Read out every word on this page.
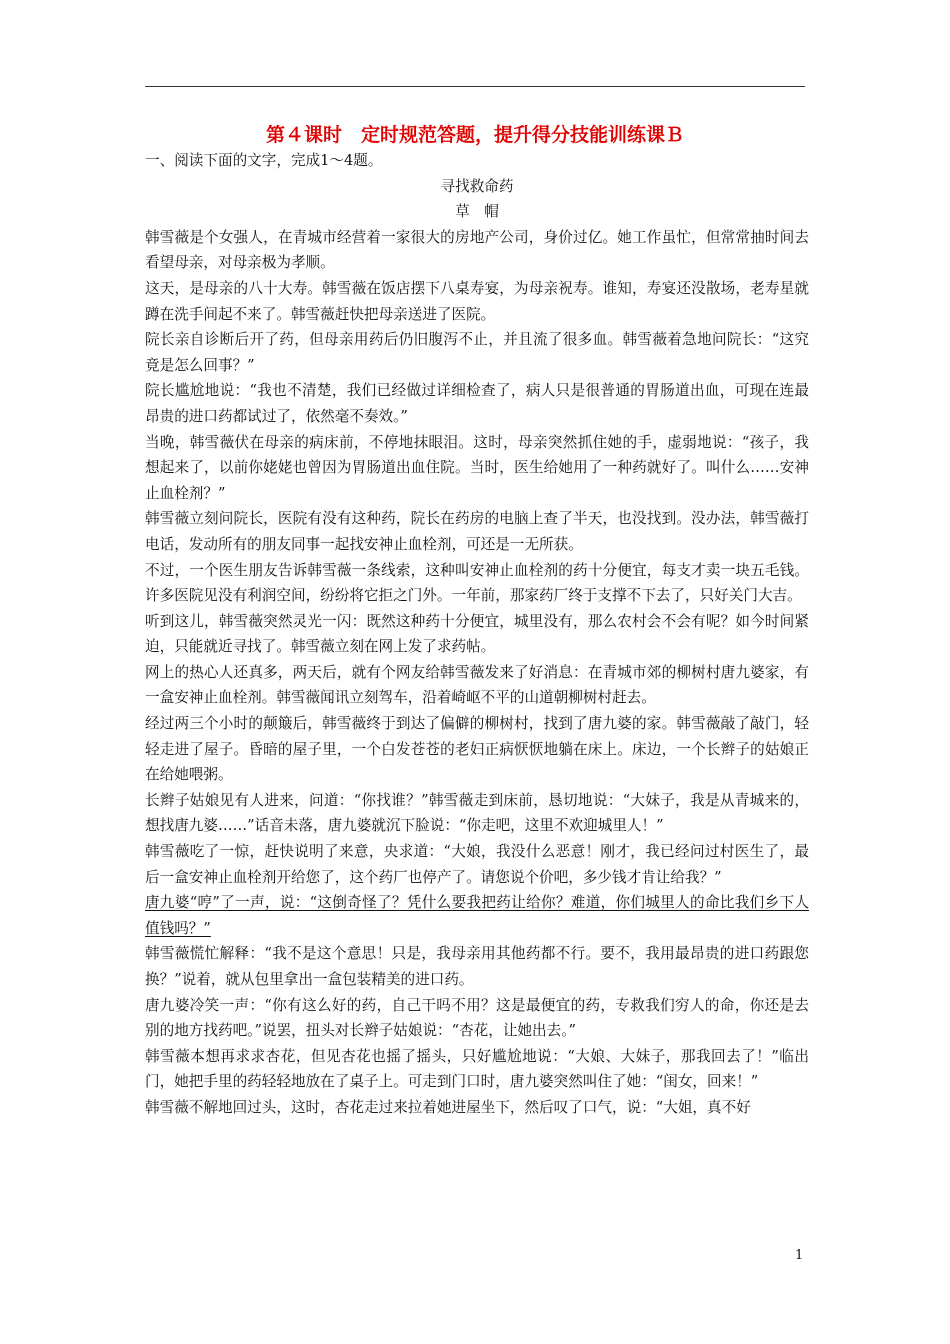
第４课时　定时规范答题，提升得分技能训练课Ｂ

一、阅读下面的文字，完成1～4题。

寻找救命药

草　帽

韩雪薇是个女强人，在青城市经营着一家很大的房地产公司，身价过亿。她工作虽忙，但常常抽时间去看望母亲，对母亲极为孝顺。

这天，是母亲的八十大寿。韩雪薇在饭店摆下八桌寿宴，为母亲祝寿。谁知，寿宴还没散场，老寿星就蹲在洗手间起不来了。韩雪薇赶快把母亲送进了医院。

院长亲自诊断后开了药，但母亲用药后仍旧腹泻不止，并且流了很多血。韩雪薇着急地问院长：“这究竟是怎么回事？”

院长尴尬地说：“我也不清楚，我们已经做过详细检查了，病人只是很普通的胃肠道出血，可现在连最昂贵的进口药都试过了，依然毫不奏效。”

当晚，韩雪薇伏在母亲的病床前，不停地抹眼泪。这时，母亲突然抓住她的手，虚弱地说：“孩子，我想起来了，以前你姥姥也曾因为胃肠道出血住院。当时，医生给她用了一种药就好了。叫什么……安神止血栓剂？”

韩雪薇立刻问院长，医院有没有这种药，院长在药房的电脑上查了半天，也没找到。没办法，韩雪薇打电话，发动所有的朋友同事一起找安神止血栓剂，可还是一无所获。

不过，一个医生朋友告诉韩雪薇一条线索，这种叫安神止血栓剂的药十分便宜，每支才卖一块五毛钱。许多医院见没有利润空间，纷纷将它拒之门外。一年前，那家药厂终于支撑不下去了，只好关门大吉。

听到这儿，韩雪薇突然灵光一闪：既然这种药十分便宜，城里没有，那么农村会不会有呢？如今时间紧迫，只能就近寻找了。韩雪薇立刻在网上发了求药帖。

网上的热心人还真多，两天后，就有个网友给韩雪薇发来了好消息：在青城市郊的柳树村唐九婆家，有一盒安神止血栓剂。韩雪薇闻讯立刻驾车，沿着崎岖不平的山道朝柳树村赶去。

经过两三个小时的颠簸后，韩雪薇终于到达了偏僻的柳树村，找到了唐九婆的家。韩雪薇敲了敲门，轻轻走进了屋子。昏暗的屋子里，一个白发苍苍的老妇正病恹恹地躺在床上。床边，一个长辫子的姑娘正在给她喂粥。

长辫子姑娘见有人进来，问道：“你找谁？”韩雪薇走到床前，恳切地说：“大妹子，我是从青城来的，想找唐九婆……”话音未落，唐九婆就沉下脸说：“你走吧，这里不欢迎城里人！”

韩雪薇吃了一惊，赶快说明了来意，央求道：“大娘，我没什么恶意！刚才，我已经问过村医生了，最后一盒安神止血栓剂开给您了，这个药厂也停产了。请您说个价吧，多少钱才肯让给我？”

唐九婆“哼”了一声，说：“这倒奇怪了？凭什么要我把药让给你？难道，你们城里人的命比我们乡下人值钱吗？”

韩雪薇慌忙解释：“我不是这个意思！只是，我母亲用其他药都不行。要不，我用最昂贵的进口药跟您换？”说着，就从包里拿出一盒包装精美的进口药。

唐九婆冷笑一声：“你有这么好的药，自己干吗不用？这是最便宜的药，专救我们穷人的命，你还是去别的地方找药吧。”说罢，扭头对长辫子姑娘说：“杏花，让她出去。”

韩雪薇本想再求求杏花，但见杏花也摇了摇头，只好尴尬地说：“大娘、大妹子，那我回去了！”临出门，她把手里的药轻轻地放在了桌子上。可走到门口时，唐九婆突然叫住了她：“闺女，回来！”

韩雪薇不解地回过头，这时，杏花走过来拉着她进屋坐下，然后叹了口气，说：“大姐，真不好

1
